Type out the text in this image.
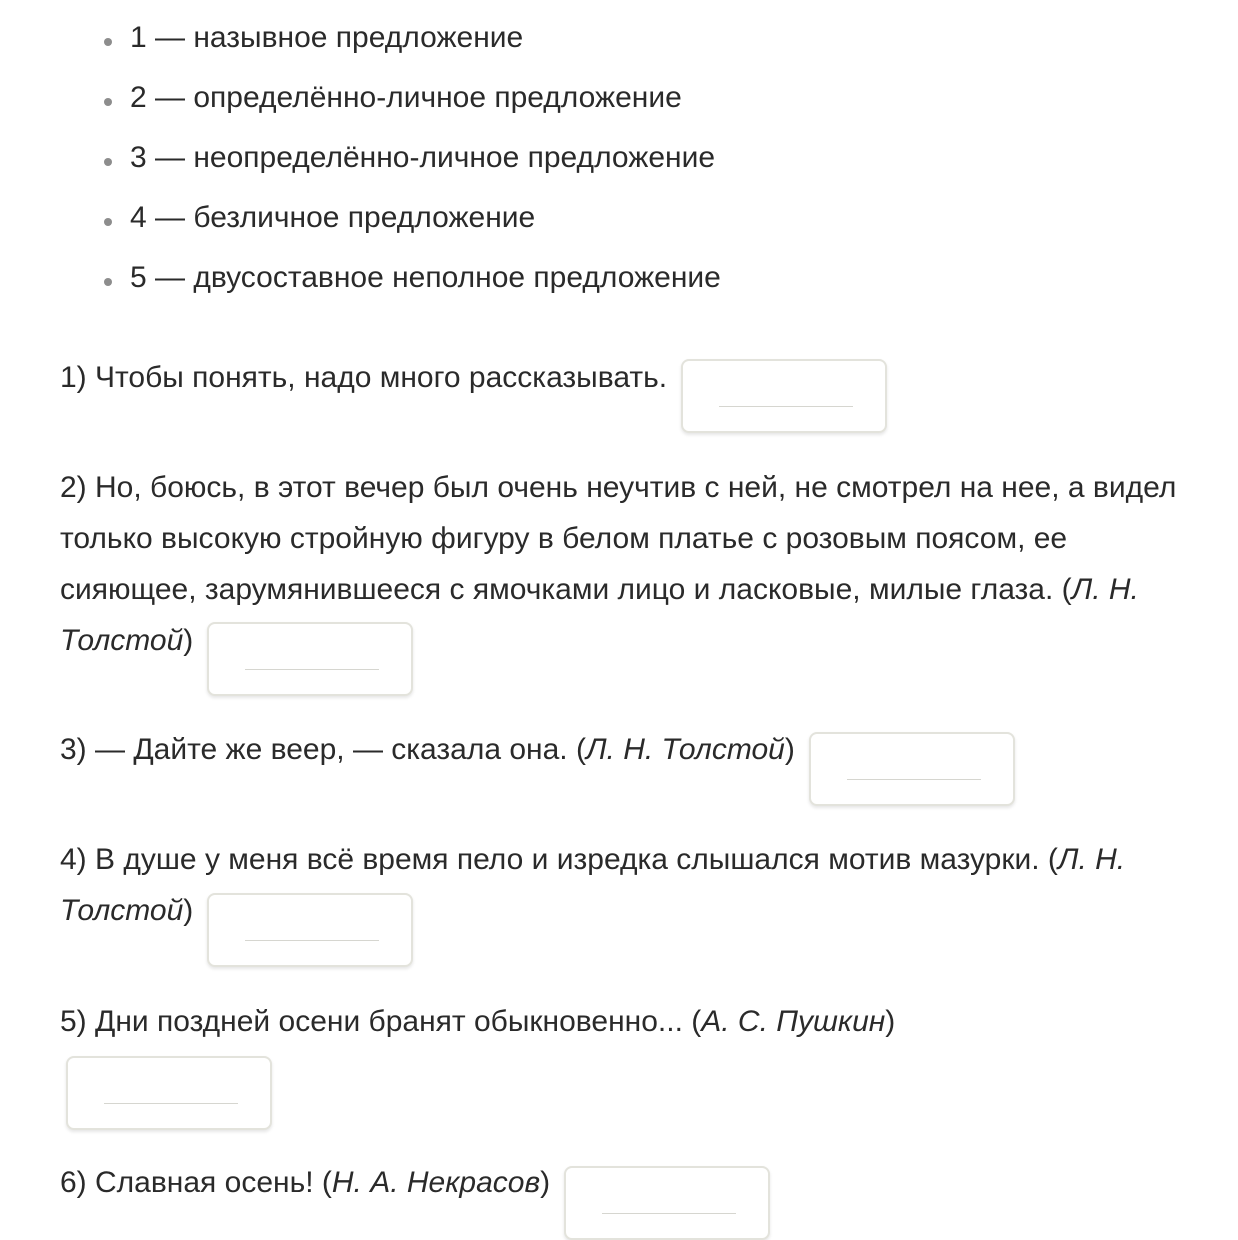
1 — назывное предложение
2 — определённо-личное предложение
3 — неопределённо-личное предложение
4 — безличное предложение
5 — двусоставное неполное предложение
1) Чтобы понять, надо много рассказывать.
2) Но, боюсь, в этот вечер был очень неучтив с ней, не смотрел на нее, а видел только высокую стройную фигуру в белом платье с розовым поясом, ее сияющее, зарумянившееся с ямочками лицо и ласковые, милые глаза. (Л. Н. Толстой)
3) — Дайте же веер, — сказала она. (Л. Н. Толстой)
4) В душе у меня всё время пело и изредка слышался мотив мазурки. (Л. Н. Толстой)
5) Дни поздней осени бранят обыкновенно... (А. С. Пушкин)

6) Славная осень! (Н. А. Некрасов)
